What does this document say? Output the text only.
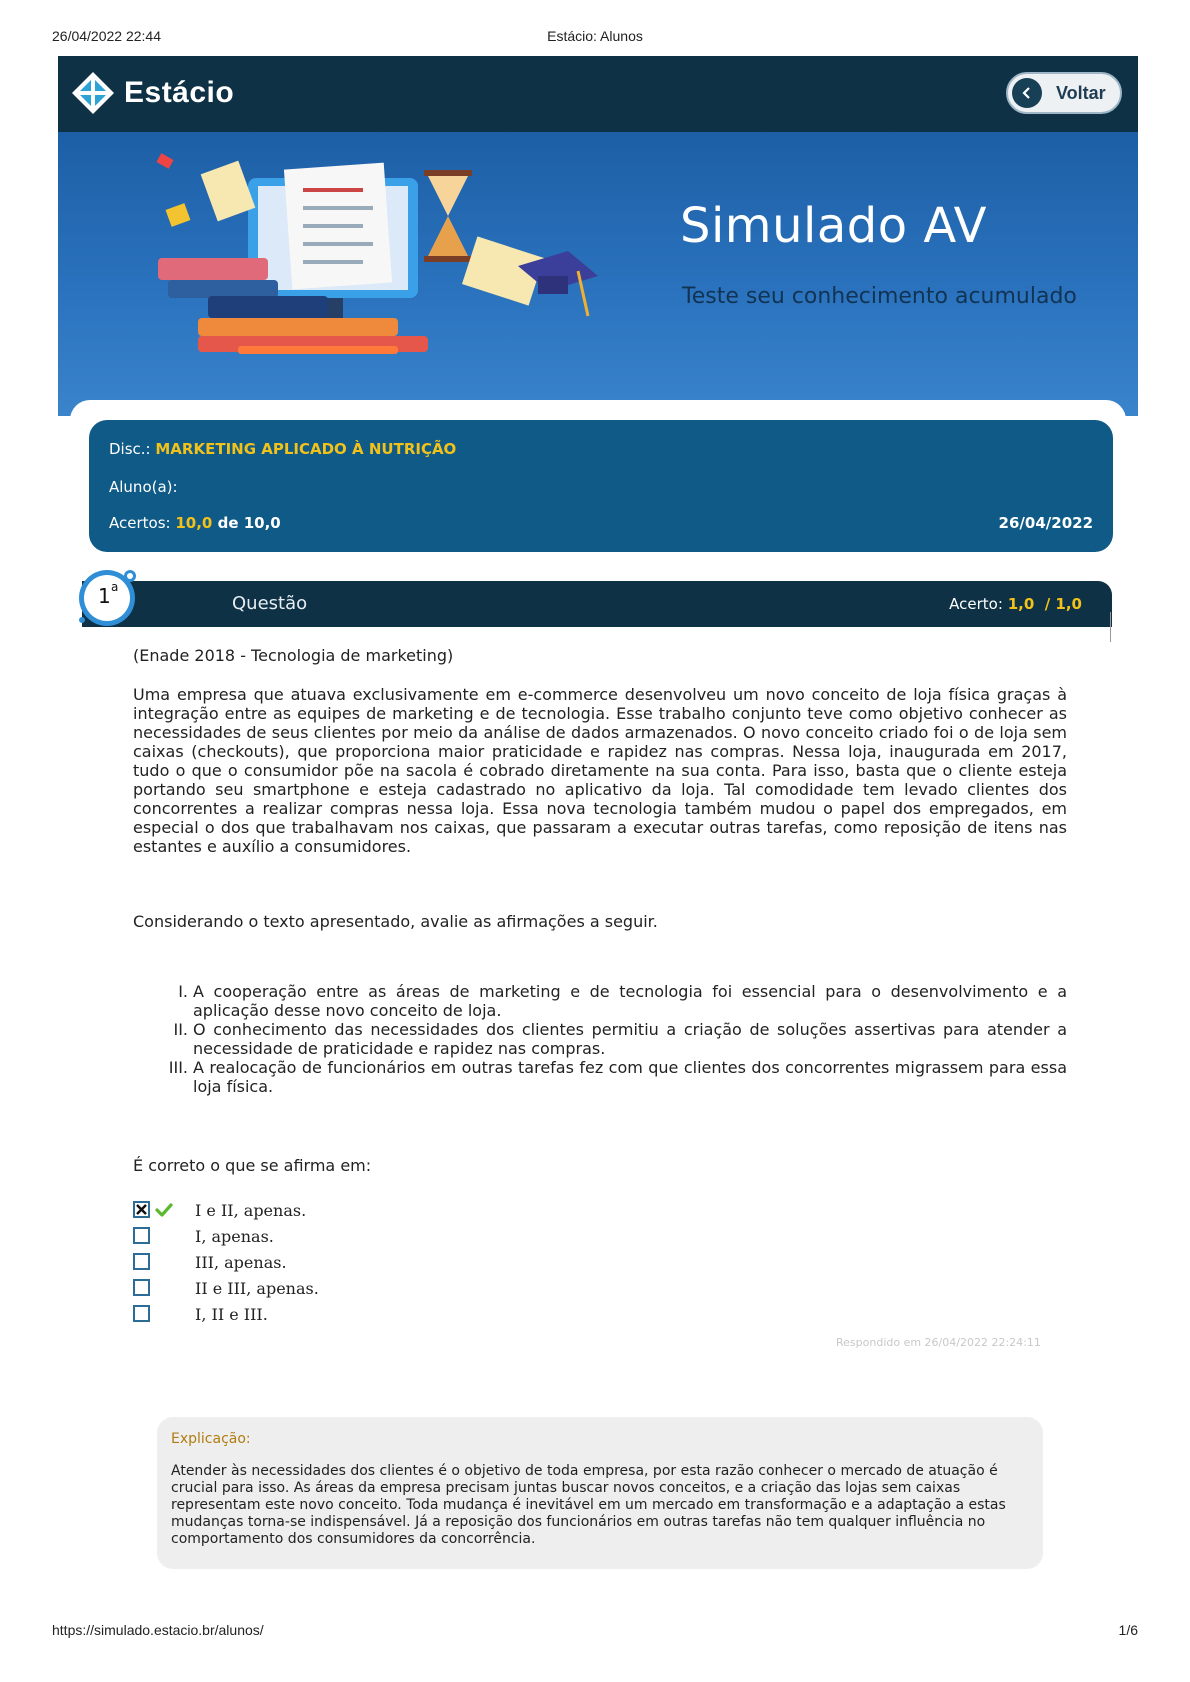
26/04/2022 22:44	Estácio: Alunos
Estácio	Voltar
Simulado AV
Teste seu conhecimento acumulado
Disc.: MARKETING APLICADO À NUTRIÇÃO
Aluno(a):
Acertos: 10,0 de 10,0	26/04/2022
Questão	Acerto: 1,0  / 1,0
1 a

(Enade 2018 - Tecnologia de marketing)

Uma empresa que atuava exclusivamente em e-commerce desenvolveu um novo conceito de loja física graças à integração entre as equipes de marketing e de tecnologia. Esse trabalho conjunto teve como objetivo conhecer as necessidades de seus clientes por meio da análise de dados armazenados. O novo conceito criado foi o de loja sem caixas (checkouts), que proporciona maior praticidade e rapidez nas compras. Nessa loja, inaugurada em 2017, tudo o que o consumidor põe na sacola é cobrado diretamente na sua conta. Para isso, basta que o cliente esteja portando seu smartphone e esteja cadastrado no aplicativo da loja. Tal comodidade tem levado clientes dos concorrentes a realizar compras nessa loja. Essa nova tecnologia também mudou o papel dos empregados, em especial o dos que trabalhavam nos caixas, que passaram a executar outras tarefas, como reposição de itens nas estantes e auxílio a consumidores.

Considerando o texto apresentado, avalie as afirmações a seguir.

I. A cooperação entre as áreas de marketing e de tecnologia foi essencial para o desenvolvimento e a aplicação desse novo conceito de loja.
II. O conhecimento das necessidades dos clientes permitiu a criação de soluções assertivas para atender a necessidade de praticidade e rapidez nas compras.
III. A realocação de funcionários em outras tarefas fez com que clientes dos concorrentes migrassem para essa loja física.

É correto o que se afirma em:

I e II, apenas.
I, apenas.
III, apenas.
II e III, apenas.
I, II e III.
Respondido em 26/04/2022 22:24:11

Explicação:

Atender às necessidades dos clientes é o objetivo de toda empresa, por esta razão conhecer o mercado de atuação é crucial para isso. As áreas da empresa precisam juntas buscar novos conceitos, e a criação das lojas sem caixas representam este novo conceito. Toda mudança é inevitável em um mercado em transformação e a adaptação a estas mudanças torna-se indispensável. Já a reposição dos funcionários em outras tarefas não tem qualquer influência no comportamento dos consumidores da concorrência.
https://simulado.estacio.br/alunos/	1/6
